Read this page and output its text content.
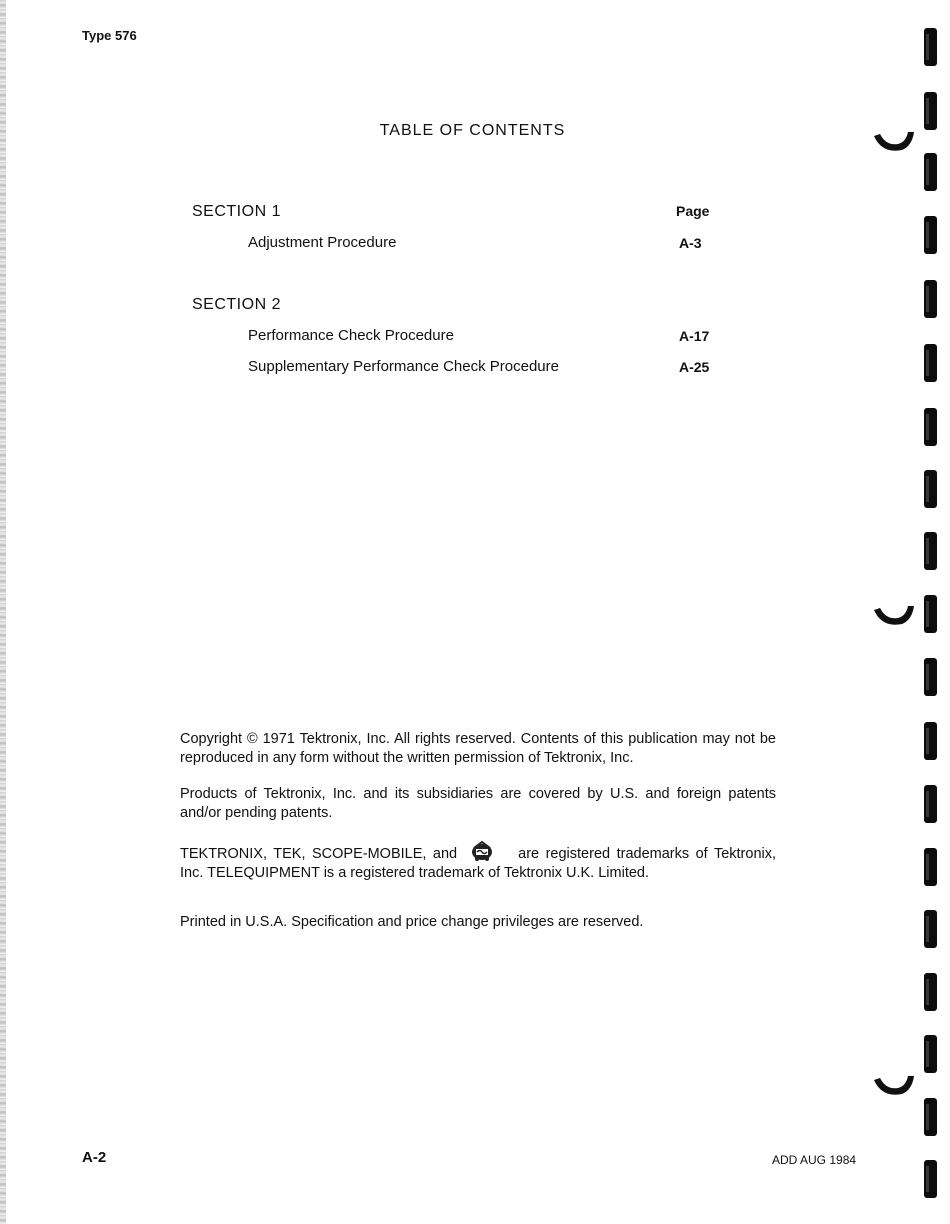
Type 576
TABLE OF CONTENTS
SECTION 1	Page
Adjustment Procedure	A-3
SECTION 2
Performance Check Procedure	A-17
Supplementary Performance Check Procedure	A-25
Copyright © 1971 Tektronix, Inc. All rights reserved. Contents of this publication may not be reproduced in any form without the written permission of Tektronix, Inc.
Products of Tektronix, Inc. and its subsidiaries are covered by U.S. and foreign patents and/or pending patents.
TEKTRONIX, TEK, SCOPE-MOBILE, and	are registered trademarks of Tektronix, Inc. TELEQUIPMENT is a registered trademark of Tektronix U.K. Limited.
Printed in U.S.A. Specification and price change privileges are reserved.
A-2	ADD AUG 1984
